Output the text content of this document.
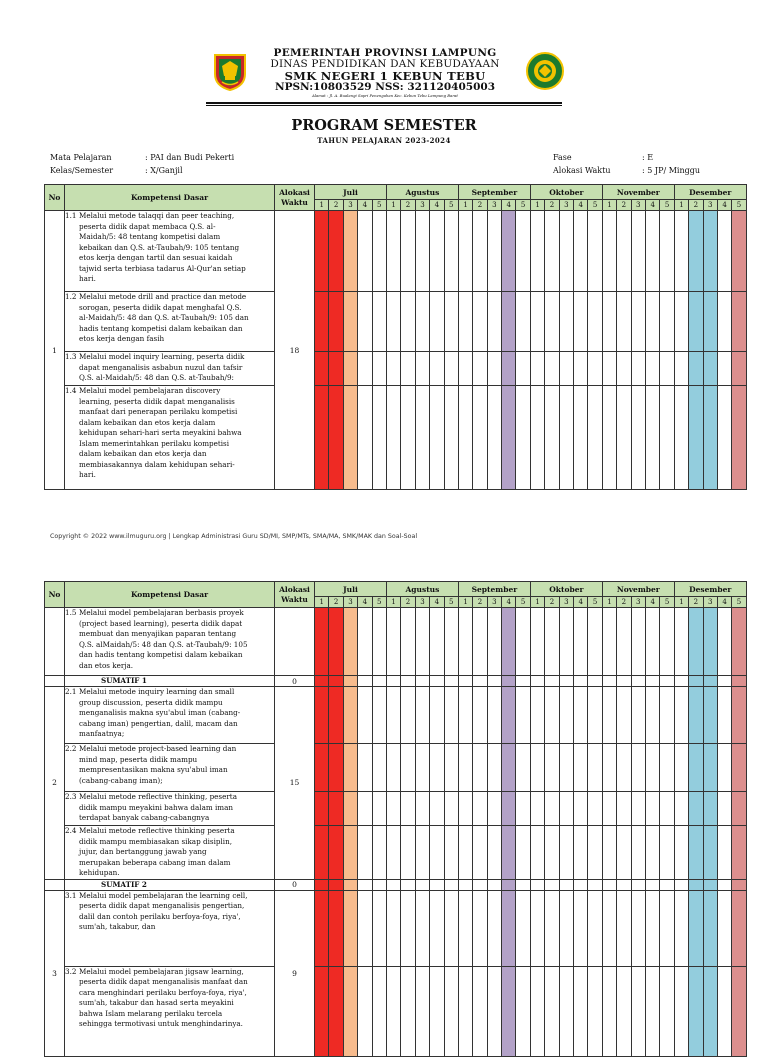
PEMERINTAH PROVINSI LAMPUNG
DINAS PENDIDIKAN DAN KEBUDAYAAN
SMK NEGERI 1 KEBUN TEBU
NPSN:10803529 NSS: 321120405003
Alamat : Jl. A. Bualangi Sapri Penengahan Kec. Kebun Tebu Lampung Barat
PROGRAM SEMESTER
TAHUN PELAJARAN 2023-2024
Mata Pelajaran	: PAI dan Budi Pekerti
Kelas/Semester	: X/Ganjil
Fase	: E
Alokasi Waktu	: 5 JP/ Minggu
No	Kompetensi Dasar	Alokasi Waktu	Juli					Agustus					September					Oktober					November					Desember				
			1	2	3	4	5	1	2	3	4	5	1	2	3	4	5	1	2	3	4	5	1	2	3	4	5	1	2	3	4	5
1	1.1 Melalui metode talaqqi dan peer teaching, peserta didik dapat membaca Q.S. al-Maidah/5: 48 tentang kompetisi dalam kebaikan dan Q.S. at-Taubah/9: 105 tentang etos kerja dengan tartil dan sesuai kaidah tajwid serta terbiasa tadarus Al-Qur'an setiap hari.	18																														
	1.2 Melalui metode drill and practice dan metode sorogan, peserta didik dapat menghafal Q.S. al-Maidah/5: 48 dan Q.S. at-Taubah/9: 105 dan hadis tentang kompetisi dalam kebaikan dan etos kerja dengan fasih																															
	1.3 Melalui model inquiry learning, peserta didik dapat menganalisis asbabun nuzul dan tafsir Q.S. al-Maidah/5: 48 dan Q.S. at-Taubah/9:																															
	1.4 Melalui model pembelajaran discovery learning, peserta didik dapat menganalisis manfaat dari penerapan perilaku kompetisi dalam kebaikan dan etos kerja dalam kehidupan sehari-hari serta meyakini bahwa Islam memerintahkan perilaku kompetisi dalam kebaikan dan etos kerja dan membiasakannya dalam kehidupan sehari-hari.																															
Copyright © 2022 www.ilmuguru.org | Lengkap Administrasi Guru SD/MI, SMP/MTs, SMA/MA, SMK/MAK dan Soal-Soal
No	Kompetensi Dasar	Alokasi Waktu	Juli					Agustus					September					Oktober					November					Desember				
			1	2	3	4	5	1	2	3	4	5	1	2	3	4	5	1	2	3	4	5	1	2	3	4	5	1	2	3	4	5
	1.5 Melalui model pembelajaran berbasis proyek (project based learning), peserta didik dapat membuat dan menyajikan paparan tentang Q.S. alMaidah/5: 48 dan Q.S. at-Taubah/9: 105 dan hadis tentang kompetisi dalam kebaikan dan etos kerja.																															
	SUMATIF 1	0																														
2	2.1 Melalui metode inquiry learning dan small group discussion, peserta didik mampu menganalisis makna syu'abul iman (cabang-cabang iman) pengertian, dalil, macam dan manfaatnya;	15																														
	2.2 Melalui metode project-based learning dan mind map, peserta didik mampu mempresentasikan makna syu'abul iman (cabang-cabang iman);																															
	2.3 Melalui metode reflective thinking, peserta didik mampu meyakini bahwa dalam iman terdapat banyak cabang-cabangnya																															
	2.4 Melalui metode reflective thinking peserta didik mampu membiasakan sikap disiplin, jujur, dan bertanggung jawab yang merupakan beberapa cabang iman dalam kehidupan.																															
	SUMATIF 2	0																														
3	3.1 Melalui model pembelajaran the learning cell, peserta didik dapat menganalisis pengertian, dalil dan contoh perilaku berfoya-foya, riya', sum'ah, takabur, dan	9																														
	3.2 Melalui model pembelajaran jigsaw learning, peserta didik dapat menganalisis manfaat dan cara menghindari perilaku berfoya-foya, riya', sum'ah, takabur dan hasad serta meyakini bahwa Islam melarang perilaku tercela sehingga termotivasi untuk menghindarinya.																															
